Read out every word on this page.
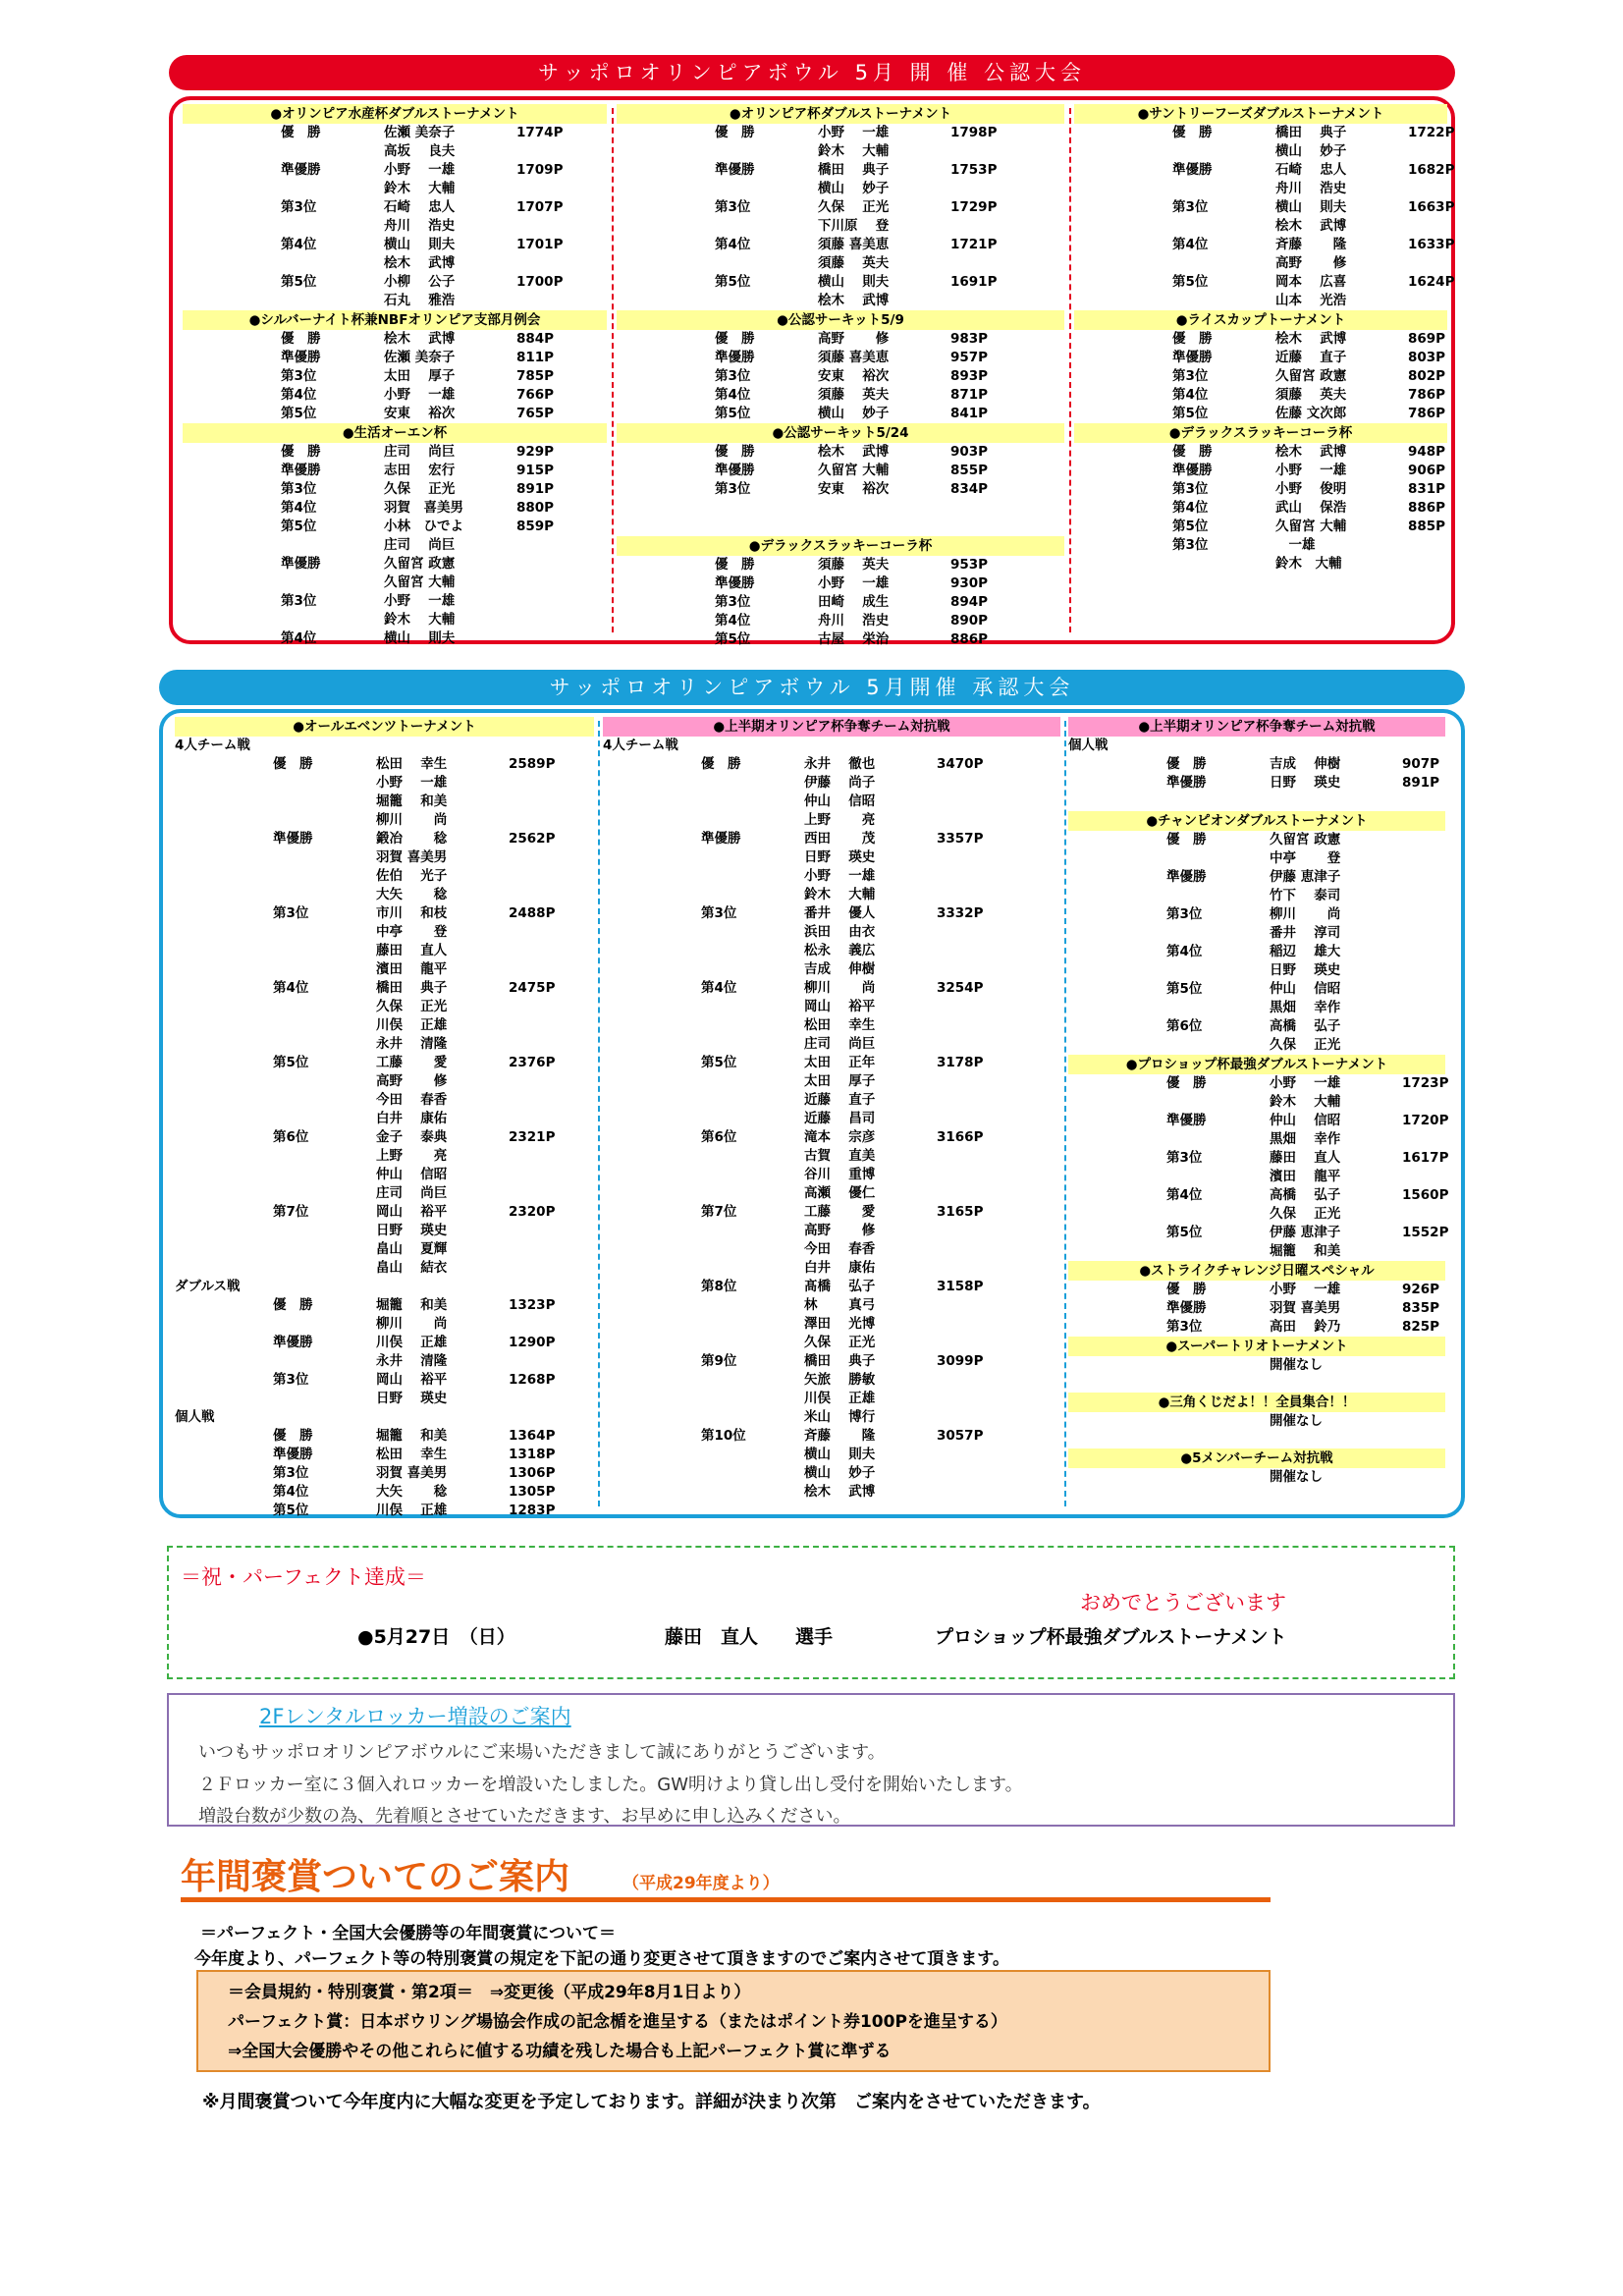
サッポロオリンピアボウル 5月 開 催 公認大会
●オリンピア水産杯ダブルストーナメント
優　勝	佐瀬 美奈子	1774P
高坂　 良夫
準優勝	小野 　一雄	1709P
鈴木　 大輔
第3位	石崎　 忠人	1707P
舟川　 浩史
第4位	横山　 則夫	1701P
桧木　 武博
第5位	小柳　 公子	1700P
石丸　 雅浩
●シルバーナイト杯兼NBFオリンピア支部月例会
優　勝	桧木　 武博	884P
準優勝	佐瀬 美奈子	811P
第3位	太田　 厚子	785P
第4位	小野　 一雄	766P
第5位	安東　 裕次	765P
●生活オーエン杯
優　勝	庄司　 尚巨	929P
準優勝	志田　 宏行	915P
第3位	久保　 正光	891P
第4位	羽賀　喜美男	880P
第5位	小林　ひでよ	859P
庄司　 尚巨
準優勝	久留宮 政憲
久留宮 大輔
第3位	小野　 一雄
鈴木　 大輔
第4位	横山　 則夫
●オリンピア杯ダブルストーナメント
優　勝	小野　 一雄	1798P
鈴木　 大輔
準優勝	橋田　 典子	1753P
横山　 妙子
第3位	久保　 正光	1729P
下川原　 登
第4位	須藤 喜美恵	1721P
須藤　 英夫
第5位	横山　 則夫	1691P
桧木　 武博
●公認サーキット5/9
優　勝	高野　　 修	983P
準優勝	須藤 喜美恵	957P
第3位	安東　 裕次	893P
第4位	須藤　 英夫	871P
第5位	横山　 妙子	841P
●公認サーキット5/24
優　勝	桧木　 武博	903P
準優勝	久留宮 大輔	855P
第3位	安東　 裕次	834P
●デラックスラッキーコーラ杯
優　勝	須藤　 英夫	953P
準優勝	小野　 一雄	930P
第3位	田崎　 成生	894P
第4位	舟川　 浩史	890P
第5位	古屋　 栄治	886P
●サントリーフーズダブルストーナメント
優　勝	橋田　 典子	1722P
横山　 妙子
準優勝	石崎　 忠人	1682P
舟川　 浩史
第3位	横山　 則夫	1663P
桧木　 武博
第4位	斉藤　　 隆	1633P
高野　　 修
第5位	岡本　 広喜	1624P
山本　 光浩
●ライスカップトーナメント
優　勝	桧木　 武博	869P
準優勝	近藤　 直子	803P
第3位	久留宮 政憲	802P
第4位	須藤　 英夫	786P
第5位	佐藤 文次郎	786P
●デラックスラッキーコーラ杯
優　勝	桧木　 武博	948P
準優勝	小野　 一雄	906P
第3位	小野　 俊明	831P
第4位	武山　 保浩	886P
第5位	久留宮 大輔	885P
第3位	　一雄
鈴木　大輔
サッポロオリンピアボウル 5月開催 承認大会
●オールエベンツトーナメント
4人チーム戦
優　勝	松田　 幸生	2589P
小野　 一雄
堀籠　 和美
柳川　　 尚
準優勝	鍛冶　　 稔	2562P
羽賀 喜美男
佐伯　 光子
大矢　　 稔
第3位	市川　 和枝	2488P
中亭　　 登
藤田　 直人
濱田　 龍平
第4位	橋田　 典子	2475P
久保　 正光
川俣　 正雄
永井　 清隆
第5位	工藤　　 愛	2376P
高野　　 修
今田　 春香
白井　 康佑
第6位	金子　 泰典	2321P
上野　　 亮
仲山　 信昭
庄司　 尚巨
第7位	岡山　 裕平	2320P
日野　 瑛史
畠山　 夏輝
畠山　 結衣
ダブルス戦
優　勝	堀籠　 和美	1323P
柳川　　 尚
準優勝	川俣　 正雄	1290P
永井　 清隆
第3位	岡山　 裕平	1268P
日野　 瑛史
個人戦
優　勝	堀籠　 和美	1364P
準優勝	松田　 幸生	1318P
第3位	羽賀 喜美男	1306P
第4位	大矢　　 稔	1305P
第5位	川俣　 正雄	1283P
●上半期オリンピア杯争奪チーム対抗戦
4人チーム戦
優　勝	永井　 徹也	3470P
伊藤　 尚子
仲山　 信昭
上野　　 亮
準優勝	西田　　 茂	3357P
日野　 瑛史
小野　 一雄
鈴木　 大輔
第3位	番井　 優人	3332P
浜田　 由衣
松永　 義広
吉成　 伸樹
第4位	柳川　　 尚	3254P
岡山　 裕平
松田　 幸生
庄司　 尚巨
第5位	太田　 正年	3178P
太田　 厚子
近藤　 直子
近藤　 昌司
第6位	滝本　 宗彦	3166P
古賀　 直美
谷川　 重博
高瀬　 優仁
第7位	工藤　　 愛	3165P
高野　　 修
今田　 春香
白井　 康佑
第8位	髙橋　 弘子	3158P
林　　 真弓
澤田　 光博
久保　 正光
第9位	橋田　 典子	3099P
矢旅　 勝敏
川俣　 正雄
米山　 博行
第10位	斉藤　　 隆	3057P
横山　 則夫
横山　 妙子
桧木　 武博
●上半期オリンピア杯争奪チーム対抗戦
個人戦
優　勝	吉成　 伸樹	907P
準優勝	日野　 瑛史	891P
●チャンピオンダブルストーナメント
優　勝	久留宮 政憲
中亭　　 登
準優勝	伊藤 恵津子
竹下　 泰司
第3位	柳川　　 尚
番井　 淳司
第4位	稲辺　 雄大
日野　 瑛史
第5位	仲山　 信昭
黒畑　 幸作
第6位	高橋　 弘子
久保　 正光
●プロショップ杯最強ダブルストーナメント
優　勝	小野　 一雄	1723P
鈴木　 大輔
準優勝	仲山　 信昭	1720P
黒畑　 幸作
第3位	藤田　 直人	1617P
濱田　 龍平
第4位	高橋　 弘子	1560P
久保　 正光
第5位	伊藤 恵津子	1552P
堀籠　 和美
●ストライクチャレンジ日曜スペシャル
優　勝	小野　 一雄	926P
準優勝	羽賀 喜美男	835P
第3位	高田　 鈴乃	825P
●スーパートリオトーナメント
開催なし
●三角くじだよ！！全員集合！！
開催なし
●5メンバーチーム対抗戦
開催なし
＝祝・パーフェクト達成＝
おめでとうございます
●5月27日　（日）	藤田　直人　　選手	プロショップ杯最強ダブルストーナメント
2Fレンタルロッカー増設のご案内
いつもサッポロオリンピアボウルにご来場いただきまして誠にありがとうございます。
２Ｆロッカー室に３個入れロッカーを増設いたしました。GW明けより貸し出し受付を開始いたします。
増設台数が少数の為、先着順とさせていただきます、お早めに申し込みください。
年間褒賞ついてのご案内	（平成29年度より）
＝パーフェクト・全国大会優勝等の年間褒賞について＝
今年度より、パーフェクト等の特別褒賞の規定を下記の通り変更させて頂きますのでご案内させて頂きます。
＝会員規約・特別褒賞・第2項＝　⇒変更後（平成29年8月1日より）
パーフェクト賞：日本ボウリング場協会作成の記念楯を進呈する（またはポイント券100Pを進呈する）
⇒全国大会優勝やその他これらに値する功績を残した場合も上記パーフェクト賞に準ずる
※月間褒賞ついて今年度内に大幅な変更を予定しております。詳細が決まり次第　ご案内をさせていただきます。
